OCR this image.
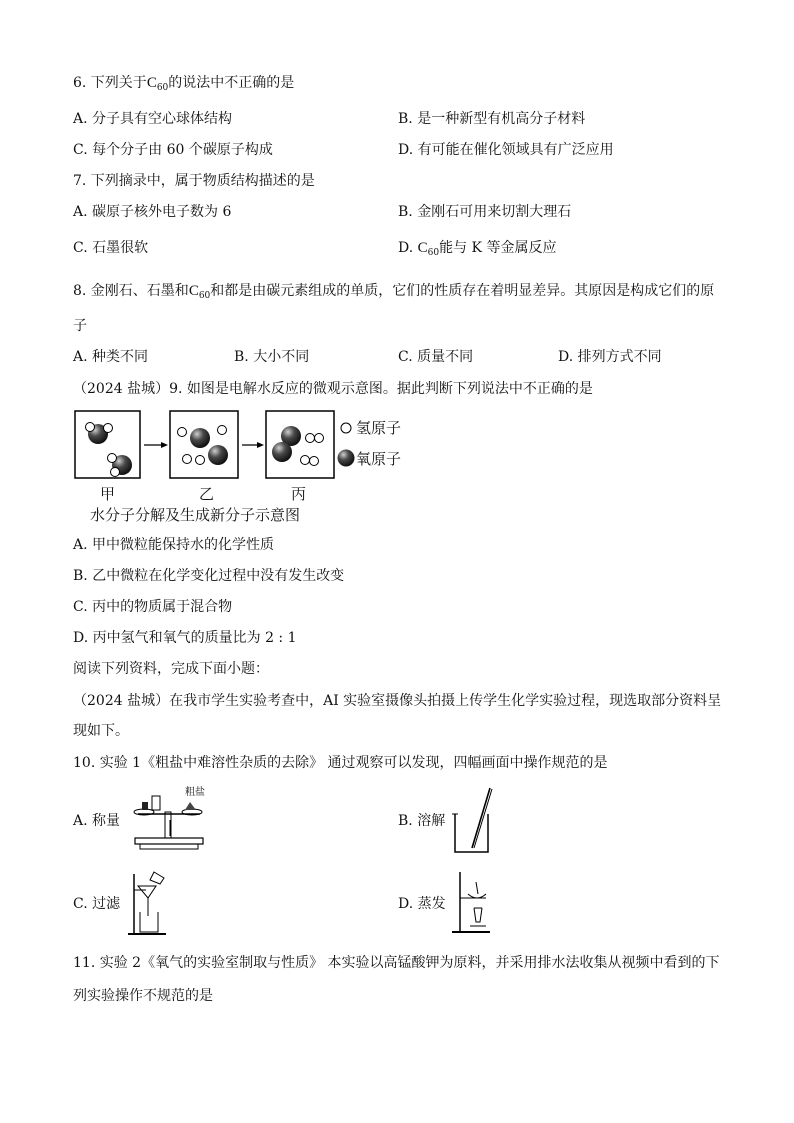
6. 下列关于$C_{60}$的说法中不正确的是
A. 分子具有空心球体结构	B. 是一种新型有机高分子材料
C. 每个分子由 60 个碳原子构成	D. 有可能在催化领域具有广泛应用
7. 下列摘录中，属于物质结构描述的是
A. 碳原子核外电子数为 6	B. 金刚石可用来切割大理石
C. 石墨很软	D. $C_{60}$能与 K 等金属反应
8. 金刚石、石墨和$C_{60}$和都是由碳元素组成的单质，它们的性质存在着明显差异。其原因是构成它们的原
子
A. 种类不同	B. 大小不同	C. 质量不同	D. 排列方式不同
（2024 盐城）9. 如图是电解水反应的微观示意图。据此判断下列说法中不正确的是
氢原子
氧原子
甲	乙	丙
水分子分解及生成新分子示意图
A. 甲中微粒能保持水的化学性质
B. 乙中微粒在化学变化过程中没有发生改变
C. 丙中的物质属于混合物
D. 丙中氢气和氧气的质量比为 2 : 1
阅读下列资料，完成下面小题：
（2024 盐城）在我市学生实验考查中，AI 实验室摄像头拍摄上传学生化学实验过程，现选取部分资料呈
现如下。
10. 实验 1《粗盐中难溶性杂质的去除》 通过观察可以发现，四幅画面中操作规范的是
A. 称量
粗盐
B. 溶解
C. 过滤	D. 蒸发
11. 实验 2《氧气的实验室制取与性质》 本实验以高锰酸钾为原料，并采用排水法收集从视频中看到的下
列实验操作不规范的是
